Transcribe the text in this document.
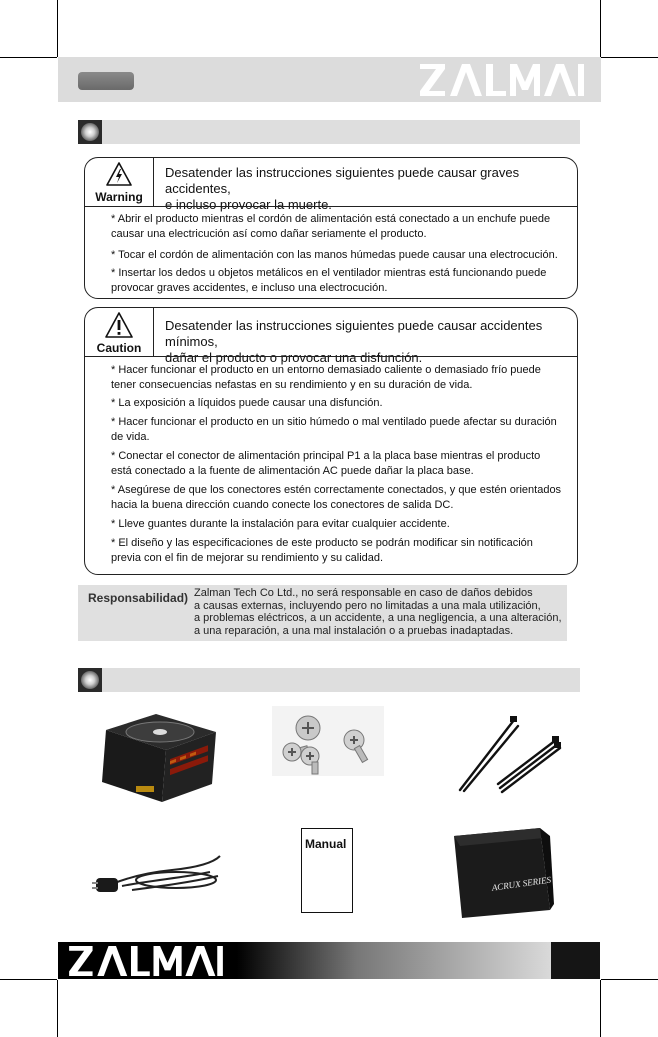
Warning
Desatender las instrucciones siguientes puede causar graves accidentes,
e incluso provocar la muerte.
* Abrir el producto mientras el cordón de alimentación está conectado a un enchufe puede
causar una electricución así como dañar seriamente el producto.
* Tocar el cordón de alimentación con las manos húmedas puede causar una electrocución.
* Insertar los dedos u objetos metálicos en el ventilador mientras está funcionando puede
provocar graves accidentes, e incluso una electrocución.
Caution
Desatender las instrucciones siguientes puede causar accidentes mínimos,
dañar el producto o provocar una disfunción.
* Hacer funcionar el producto en un entorno demasiado caliente o demasiado frío puede
tener consecuencias nefastas en su rendimiento y en su duración de vida.
* La exposición a líquidos puede causar una disfunción.
* Hacer funcionar el producto en un sitio húmedo o mal ventilado puede afectar su duración
de vida.
* Conectar el conector de alimentación principal P1 a la placa base mientras el producto
está conectado a la fuente de alimentación AC puede dañar la placa base.
* Asegúrese de que los conectores estén correctamente conectados, y que estén orientados
hacia la buena dirección cuando conecte los conectores de salida DC.
* Lleve guantes durante la instalación para evitar cualquier accidente.
* El diseño y las especificaciones de este producto se podrán modificar sin notificación
previa con el fin de mejorar su rendimiento y su calidad.
Responsabilidad) Zalman Tech Co Ltd., no será responsable en caso de daños debidos
a causas externas, incluyendo pero no limitadas a una mala utilización,
a problemas eléctricos, a un accidente, a una negligencia, a una alteración,
a una reparación, a una mal instalación o a pruebas inadaptadas.
Manual
ACRUX SERIES
